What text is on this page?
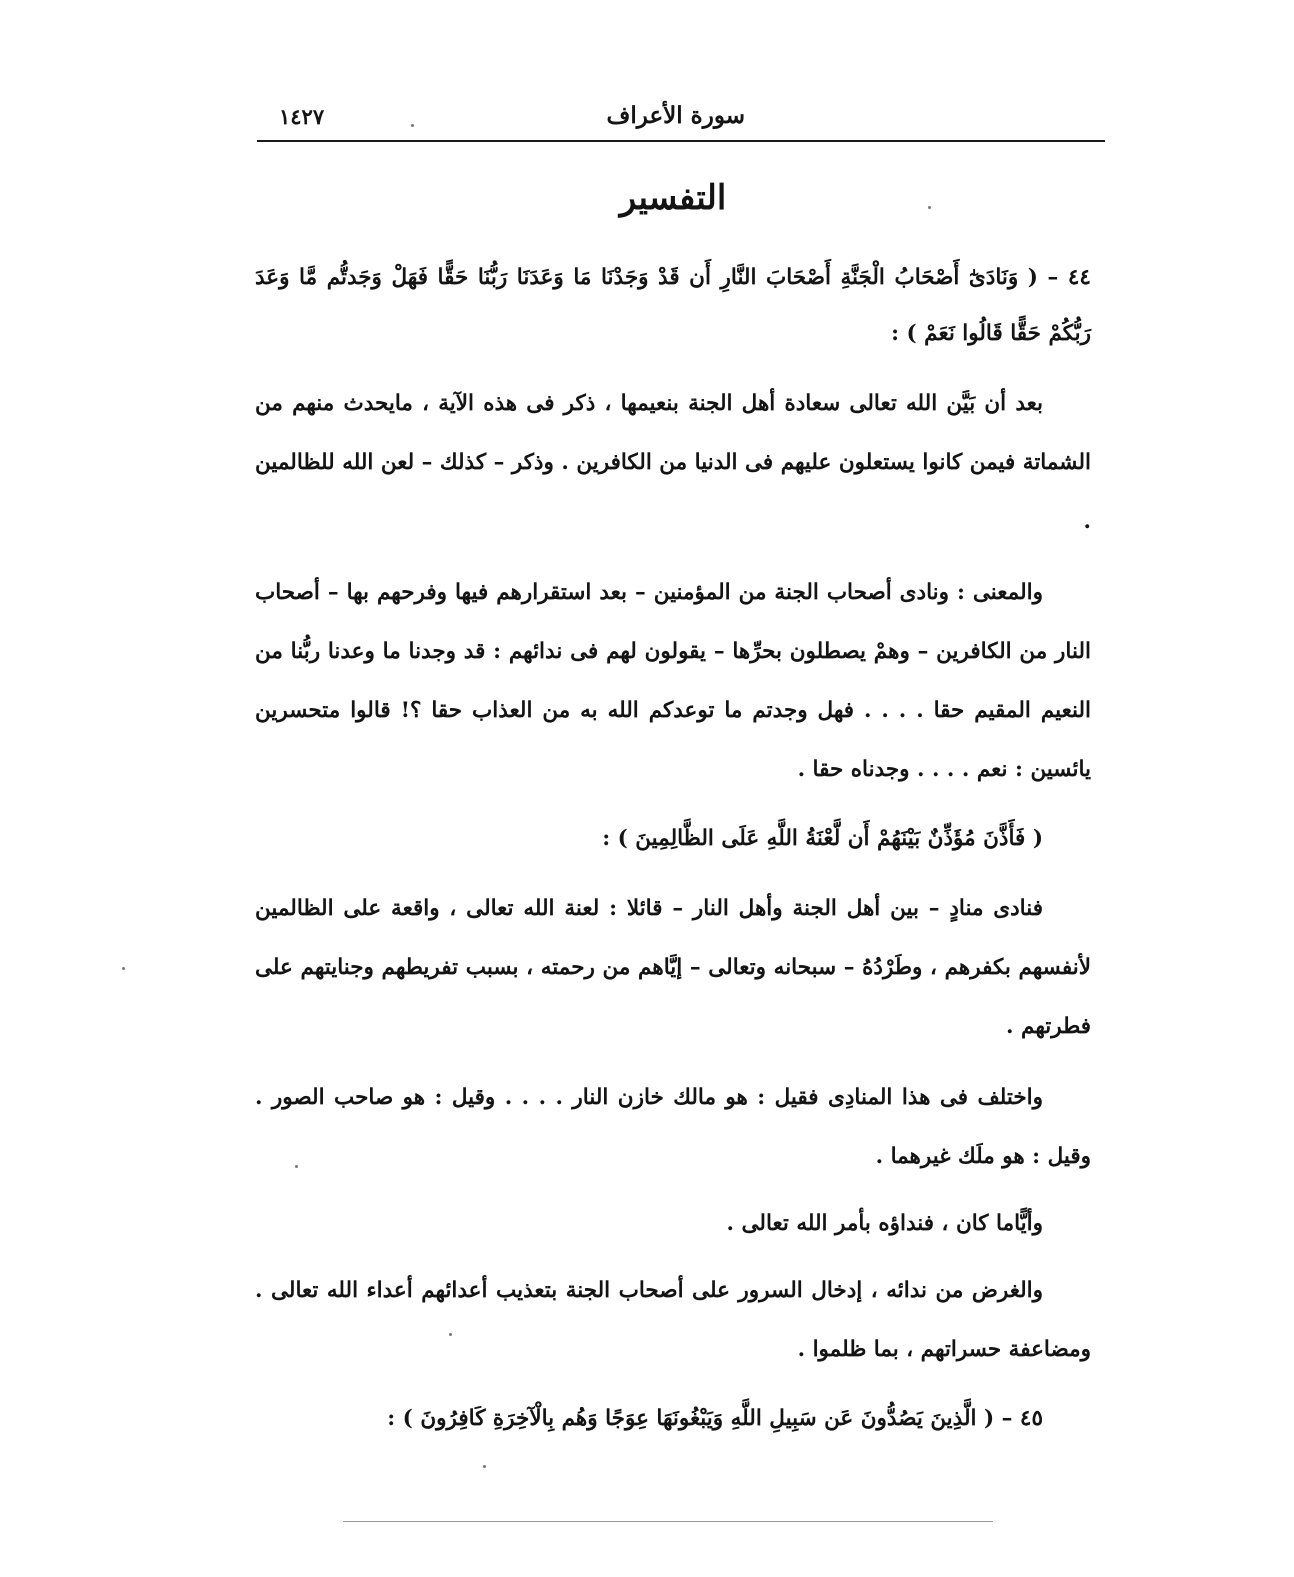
سورة الأعراف
١٤٢٧
التفسير

٤٤ – ( وَنَادَىٰٓ أَصْحَابُ الْجَنَّةِ أَصْحَابَ النَّارِ أَن قَدْ وَجَدْنَا مَا وَعَدَنَا رَبُّنَا حَقًّا فَهَلْ وَجَدتُّم مَّا وَعَدَ رَبُّكُمْ حَقًّا قَالُوا نَعَمْ ) :

بعد أن بَيَّن الله تعالى سعادة أهل الجنة بنعيمها ، ذكر فى هذه الآية ، مايحدث منهم من الشماتة فيمن كانوا يستعلون عليهم فى الدنيا من الكافرين . وذكر – كذلك – لعن الله للظالمين .

والمعنى : ونادى أصحاب الجنة من المؤمنين – بعد استقرارهم فيها وفرحهم بها – أصحاب النار من الكافرين – وهمْ يصطلون بحرِّها – يقولون لهم فى ندائهم : قد وجدنا ما وعدنا ربُّنا من النعيم المقيم حقا . . . . فهل وجدتم ما توعدكم الله به من العذاب حقا ؟! قالوا متحسرين يائسين : نعم . . . . وجدناه حقا .

( فَأَذَّنَ مُؤَذِّنٌ بَيْنَهُمْ أَن لَّعْنَةُ اللَّهِ عَلَى الظَّالِمِينَ ) :

فنادى منادٍ – بين أهل الجنة وأهل النار – قائلا : لعنة الله تعالى ، واقعة على الظالمين لأنفسهم بكفرهم ، وطَرْدُهُ – سبحانه وتعالى – إيَّاهم من رحمته ، بسبب تفريطهم وجنايتهم على فطرتهم .

واختلف فى هذا المنادِى فقيل : هو مالك خازن النار . . . . وقيل : هو صاحب الصور . وقيل : هو ملَك غيرهما .

وأيًّاما كان ، فنداؤه بأمر الله تعالى .

والغرض من ندائه ، إدخال السرور على أصحاب الجنة بتعذيب أعدائهم أعداء الله تعالى . ومضاعفة حسراتهم ، بما ظلموا .

٤٥ – ( الَّذِينَ يَصُدُّونَ عَن سَبِيلِ اللَّهِ وَيَبْغُونَهَا عِوَجًا وَهُم بِالْآخِرَةِ كَافِرُونَ ) :
